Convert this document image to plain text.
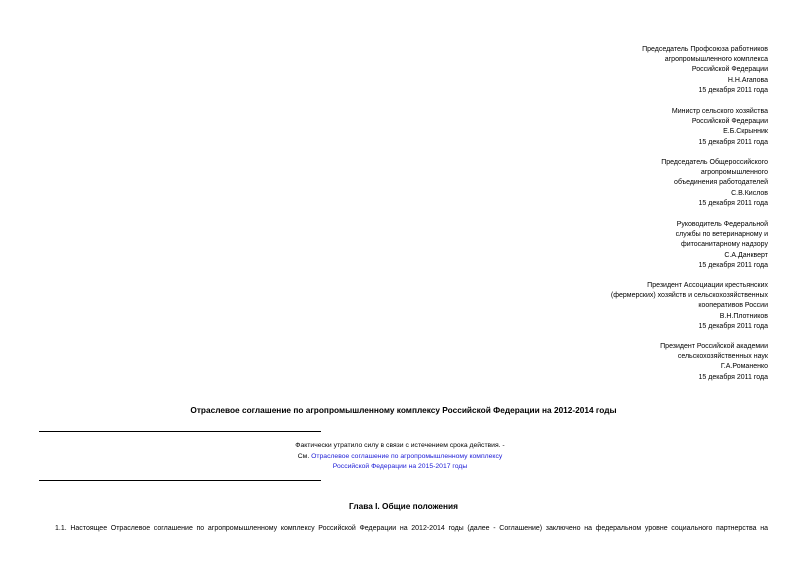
Председатель Профсоюза работников
агропромышленного комплекса
Российской Федерации
Н.Н.Агапова
15 декабря 2011 года
Министр сельского хозяйства
Российской Федерации
Е.Б.Скрынник
15 декабря 2011 года
Председатель Общероссийского
агропромышленного
объединения работодателей
С.В.Кислов
15 декабря 2011 года
Руководитель Федеральной
службы по ветеринарному и
фитосанитарному надзору
С.А.Данкверт
15 декабря 2011 года
Президент Ассоциации крестьянских
(фермерских) хозяйств и сельскохозяйственных
кооперативов России
В.Н.Плотников
15 декабря 2011 года
Президент Российской академии
сельскохозяйственных наук
Г.А.Романенко
15 декабря 2011 года
Отраслевое соглашение по агропромышленному комплексу Российской Федерации на 2012-2014 годы
Фактически утратило силу в связи с истечением срока действия. -
См. Отраслевое соглашение по агропромышленному комплексу
Российской Федерации на 2015-2017 годы
Глава I. Общие положения
1.1. Настоящее Отраслевое соглашение по агропромышленному комплексу Российской Федерации на 2012-2014 годы (далее - Соглашение) заключено на федеральном уровне социального партнерства на
